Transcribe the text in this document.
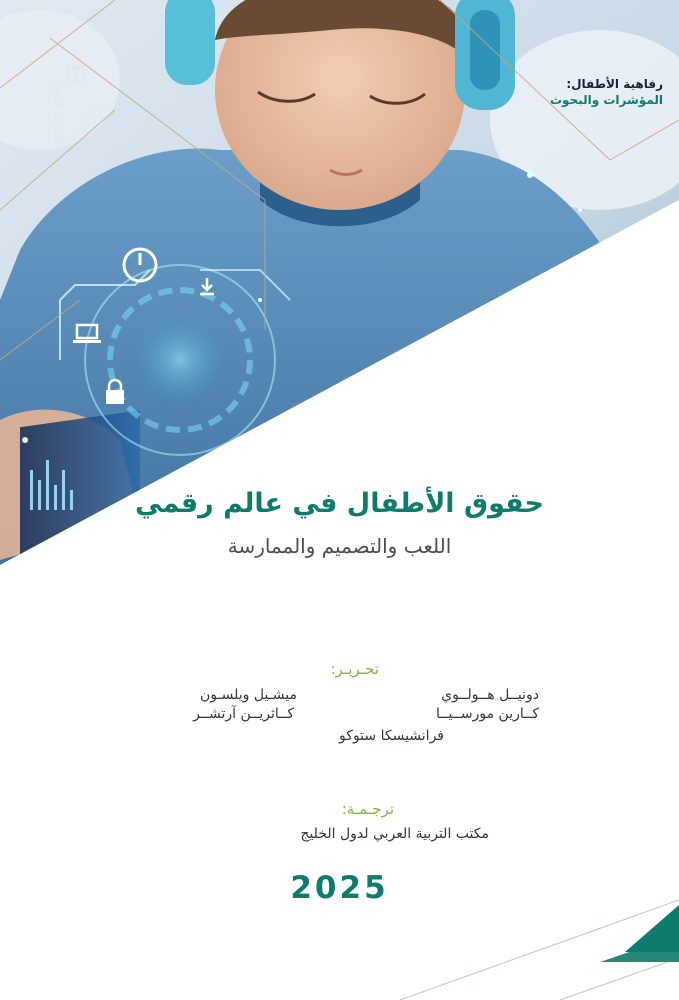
ABEGS.ORG	رفاهية الأطفال:
المؤشرات والبحوث
حقوق الأطفال في عالم رقمي
اللعب والتصميم والممارسة
تحـريـر:
دونيــل هــولــوي
ميشـيل ويلسـون
كــارين مورســيــا
كــاثريــن آرتشــر
فرانشيسكا ستوكو
ترجـمـة:
مكتب التربية العربي لدول الخليج
2025
